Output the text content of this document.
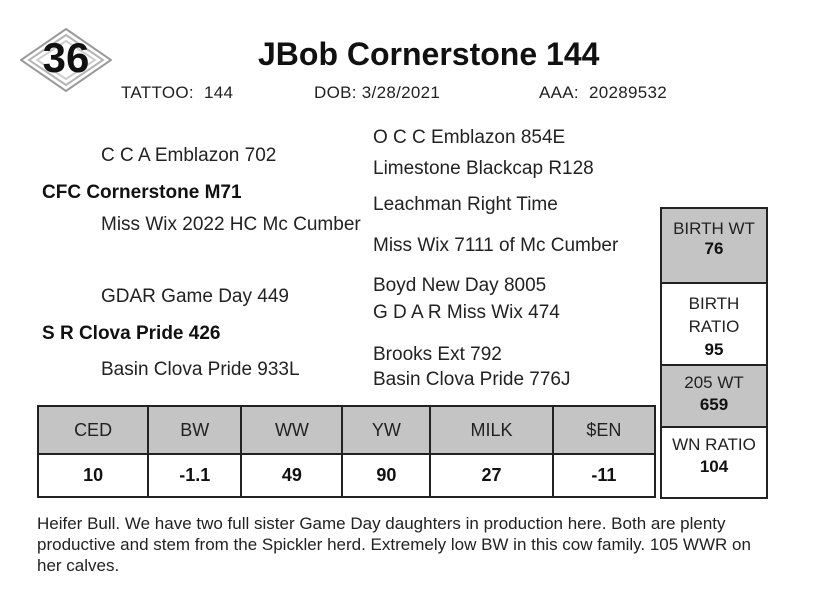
36	JBob Cornerstone 144
TATTOO: 144	DOB: 3/28/2021	AAA: 20289532
O C C Emblazon 854E
C C A Emblazon 702
Limestone Blackcap R128
CFC Cornerstone M71
Leachman Right Time
Miss Wix 2022 HC Mc Cumber
Miss Wix 7111 of Mc Cumber
Boyd New Day 8005
GDAR Game Day 449
G D A R Miss Wix 474
S R Clova Pride 426
Brooks Ext 792
Basin Clova Pride 933L	Basin Clova Pride 776J
CED	BW	WW	YW	MILK	$EN
10	-1.1	49	90	27	-11
BIRTH WT
76
BIRTH
RATIO
95
205 WT
659
WN RATIO
104
Heifer Bull. We have two full sister Game Day daughters in production here. Both are plenty productive and stem from the Spickler herd. Extremely low BW in this cow family. 105 WWR on her calves.
